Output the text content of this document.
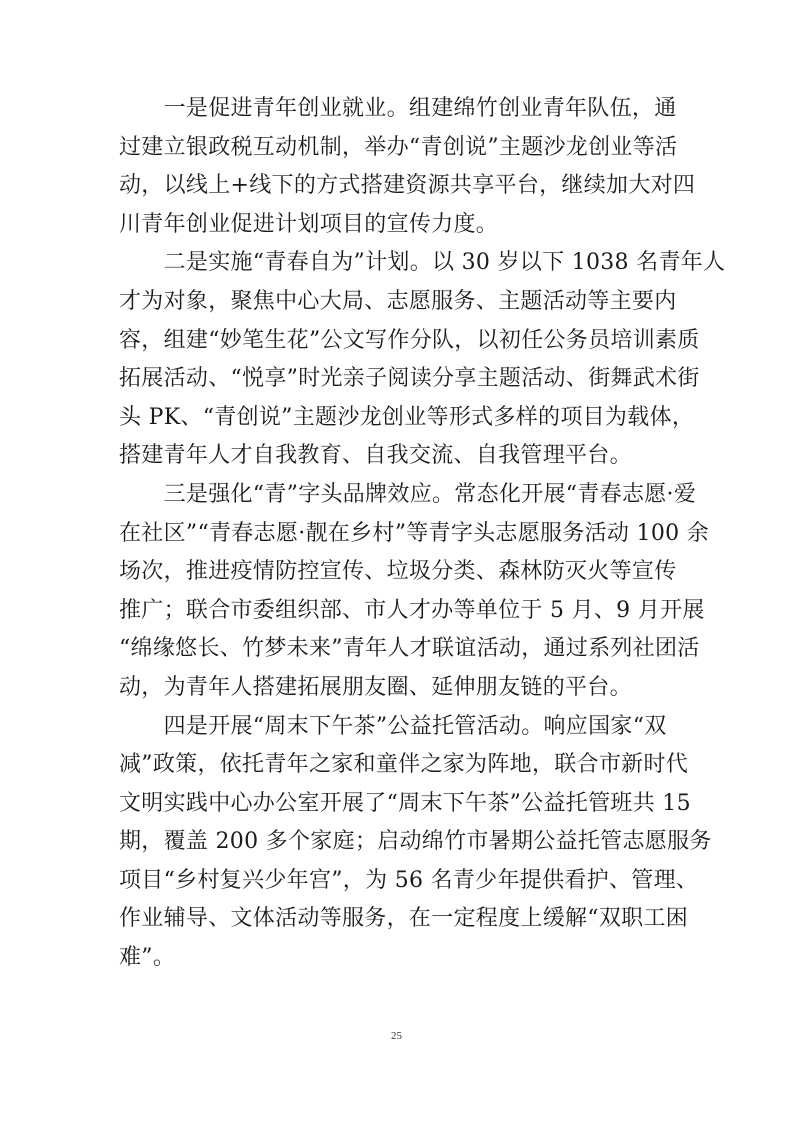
　　一是促进青年创业就业。组建绵竹创业青年队伍，通
过建立银政税互动机制，举办“青创说”主题沙龙创业等活
动，以线上+线下的方式搭建资源共享平台，继续加大对四
川青年创业促进计划项目的宣传力度。
　　二是实施“青春自为”计划。以 30 岁以下 1038 名青年人
才为对象，聚焦中心大局、志愿服务、主题活动等主要内
容，组建“妙笔生花”公文写作分队，以初任公务员培训素质
拓展活动、“悦享”时光亲子阅读分享主题活动、街舞武术街
头 PK、“青创说”主题沙龙创业等形式多样的项目为载体，
搭建青年人才自我教育、自我交流、自我管理平台。
　　三是强化“青”字头品牌效应。常态化开展“青春志愿·爱
在社区”“青春志愿·靓在乡村”等青字头志愿服务活动 100 余
场次，推进疫情防控宣传、垃圾分类、森林防灭火等宣传
推广；联合市委组织部、市人才办等单位于 5 月、9 月开展
“绵缘悠长、竹梦未来”青年人才联谊活动，通过系列社团活
动，为青年人搭建拓展朋友圈、延伸朋友链的平台。
　　四是开展“周末下午茶”公益托管活动。响应国家“双
减”政策，依托青年之家和童伴之家为阵地，联合市新时代
文明实践中心办公室开展了“周末下午茶”公益托管班共 15
期，覆盖 200 多个家庭；启动绵竹市暑期公益托管志愿服务
项目“乡村复兴少年宫”，为 56 名青少年提供看护、管理、
作业辅导、文体活动等服务，在一定程度上缓解“双职工困
难”。
25
